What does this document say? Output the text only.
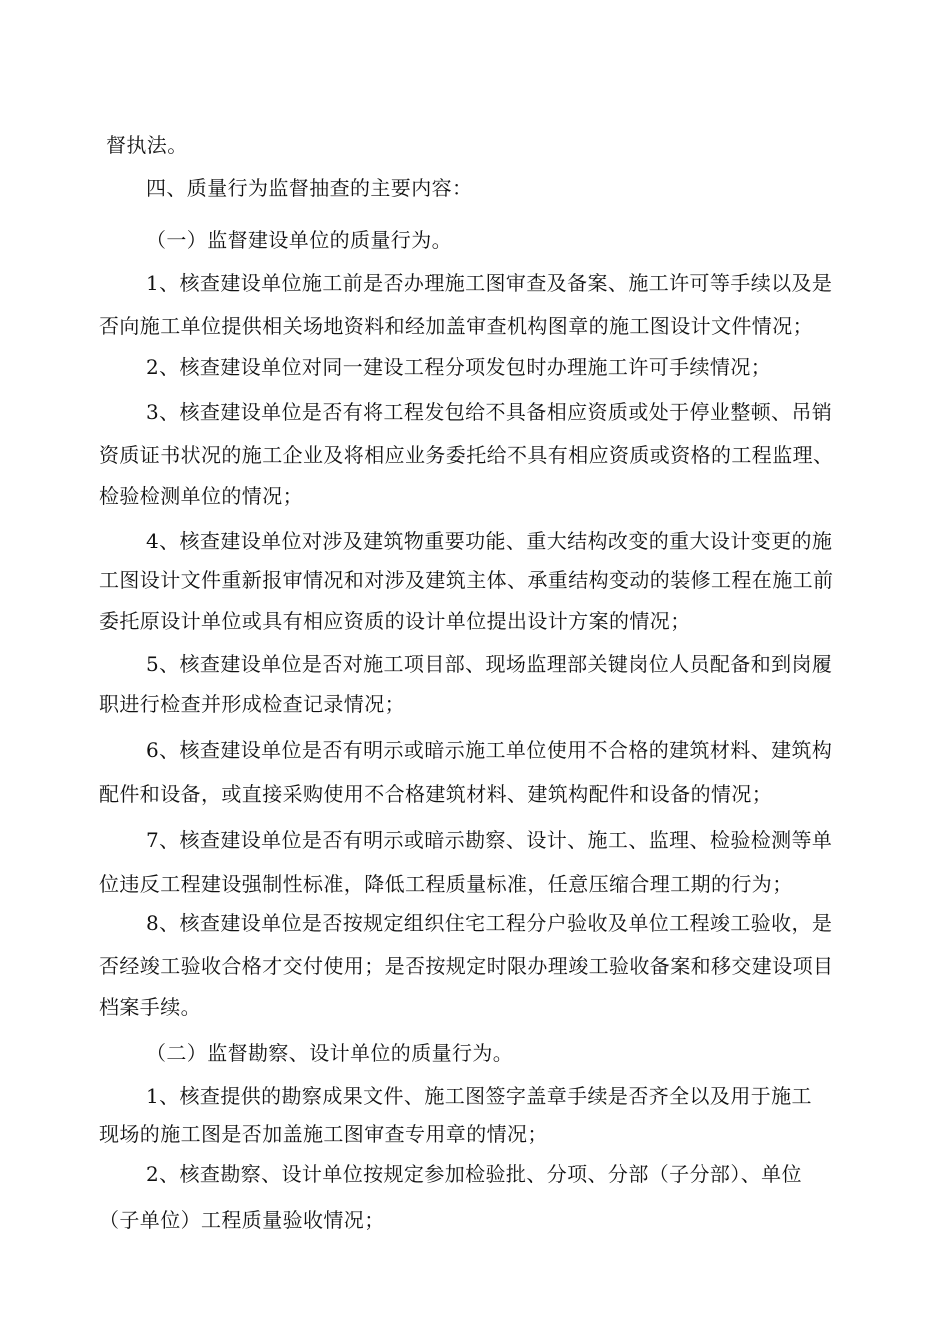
督执法。

四、质量行为监督抽查的主要内容：

（一）监督建设单位的质量行为。

1、核查建设单位施工前是否办理施工图审查及备案、施工许可等手续以及是

否向施工单位提供相关场地资料和经加盖审查机构图章的施工图设计文件情况；

2、核查建设单位对同一建设工程分项发包时办理施工许可手续情况；

3、核查建设单位是否有将工程发包给不具备相应资质或处于停业整顿、吊销

资质证书状况的施工企业及将相应业务委托给不具有相应资质或资格的工程监理、

检验检测单位的情况；

4、核查建设单位对涉及建筑物重要功能、重大结构改变的重大设计变更的施

工图设计文件重新报审情况和对涉及建筑主体、承重结构变动的装修工程在施工前

委托原设计单位或具有相应资质的设计单位提出设计方案的情况；

5、核查建设单位是否对施工项目部、现场监理部关键岗位人员配备和到岗履

职进行检查并形成检查记录情况；

6、核查建设单位是否有明示或暗示施工单位使用不合格的建筑材料、建筑构

配件和设备，或直接采购使用不合格建筑材料、建筑构配件和设备的情况；

7、核查建设单位是否有明示或暗示勘察、设计、施工、监理、检验检测等单

位违反工程建设强制性标准，降低工程质量标准，任意压缩合理工期的行为；

8、核查建设单位是否按规定组织住宅工程分户验收及单位工程竣工验收，是

否经竣工验收合格才交付使用；是否按规定时限办理竣工验收备案和移交建设项目

档案手续。

（二）监督勘察、设计单位的质量行为。

1、核查提供的勘察成果文件、施工图签字盖章手续是否齐全以及用于施工

现场的施工图是否加盖施工图审查专用章的情况；

2、核查勘察、设计单位按规定参加检验批、分项、分部（子分部）、单位

（子单位）工程质量验收情况；
